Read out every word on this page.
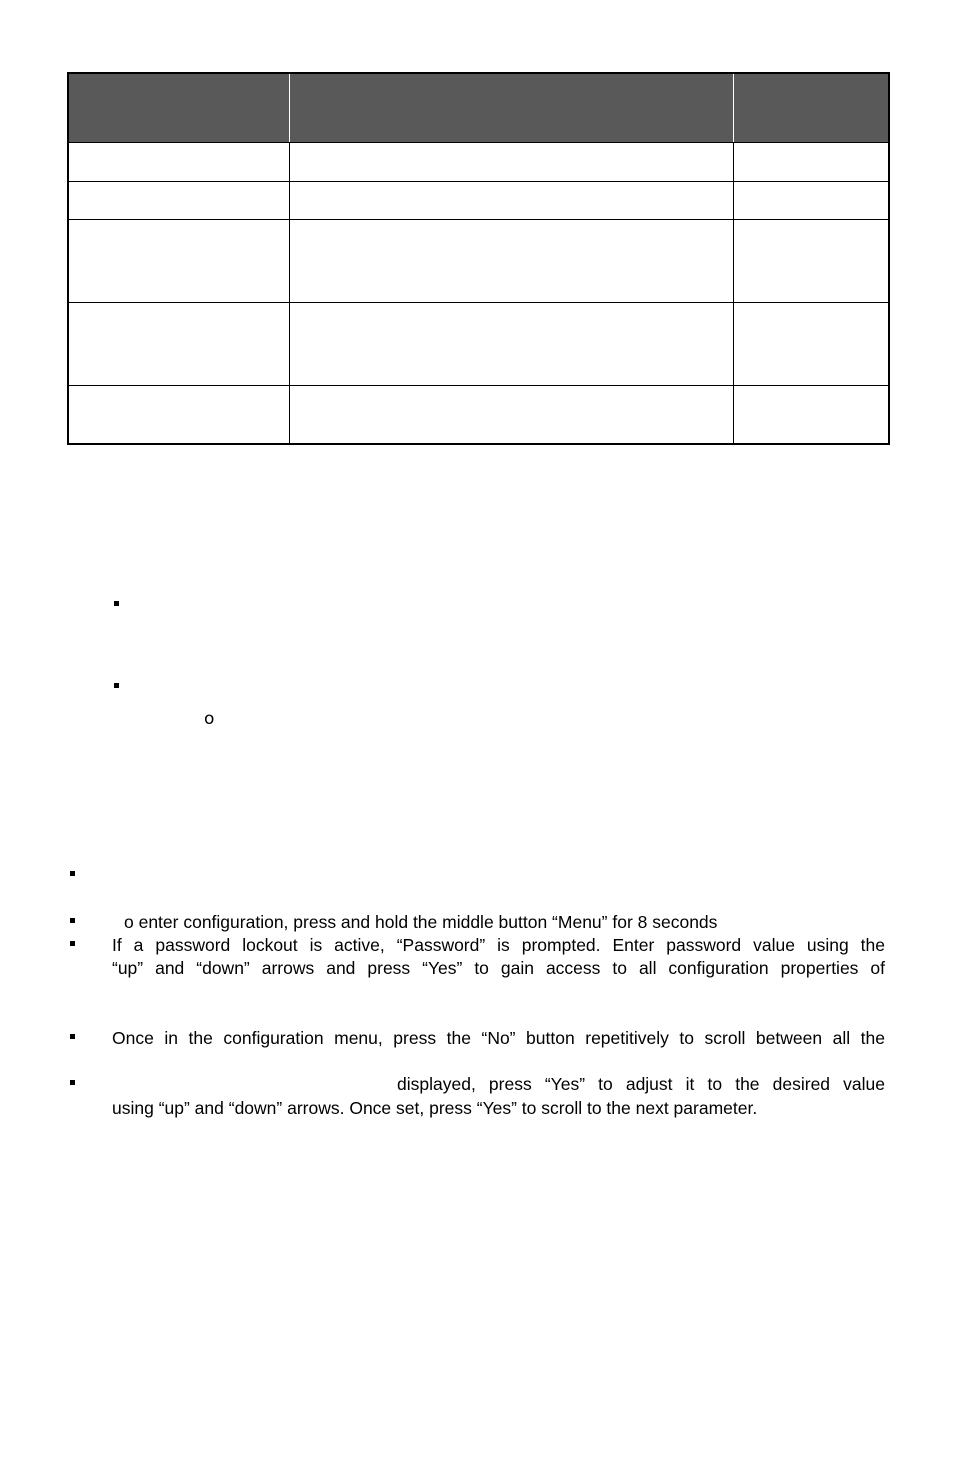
o
o enter configuration, press and hold the middle button “Menu” for 8 seconds
If a password lockout is active, “Password” is prompted. Enter password value using the
“up” and “down” arrows and press “Yes” to gain access to all configuration properties of
Once in the configuration menu, press the “No” button repetitively to scroll between all the
displayed, press “Yes” to adjust it to the desired value
using “up” and “down” arrows. Once set, press “Yes” to scroll to the next parameter.
